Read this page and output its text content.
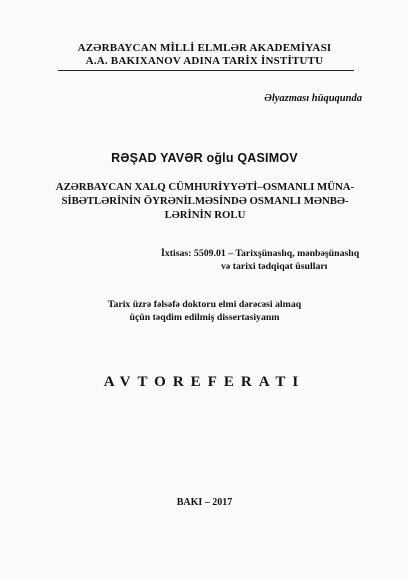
AZƏRBAYCAN MİLLİ ELMLƏR AKADEMİYASI
A.A. BAKIXANOV ADINA TARİX İNSTİTUTU
Əlyazması hüququnda
RƏŞAD YAVƏR oğlu QASIMOV
AZƏRBAYCAN XALQ CÜMHURİYYƏTİ–OSMANLI MÜNA-
SİBƏTLƏRİNİN ÖYRƏNİLMƏSİNDƏ OSMANLI MƏNBƏ-
LƏRİNİN ROLU
İxtisas: 5509.01 – Tarixşünaslıq, mənbəşünaslıq
və tarixi tədqiqat üsulları
Tarix üzrə fəlsəfə doktoru elmi dərəcəsi almaq
üçün təqdim edilmiş dissertasiyanın
AVTOREFERATI
BAKI – 2017
